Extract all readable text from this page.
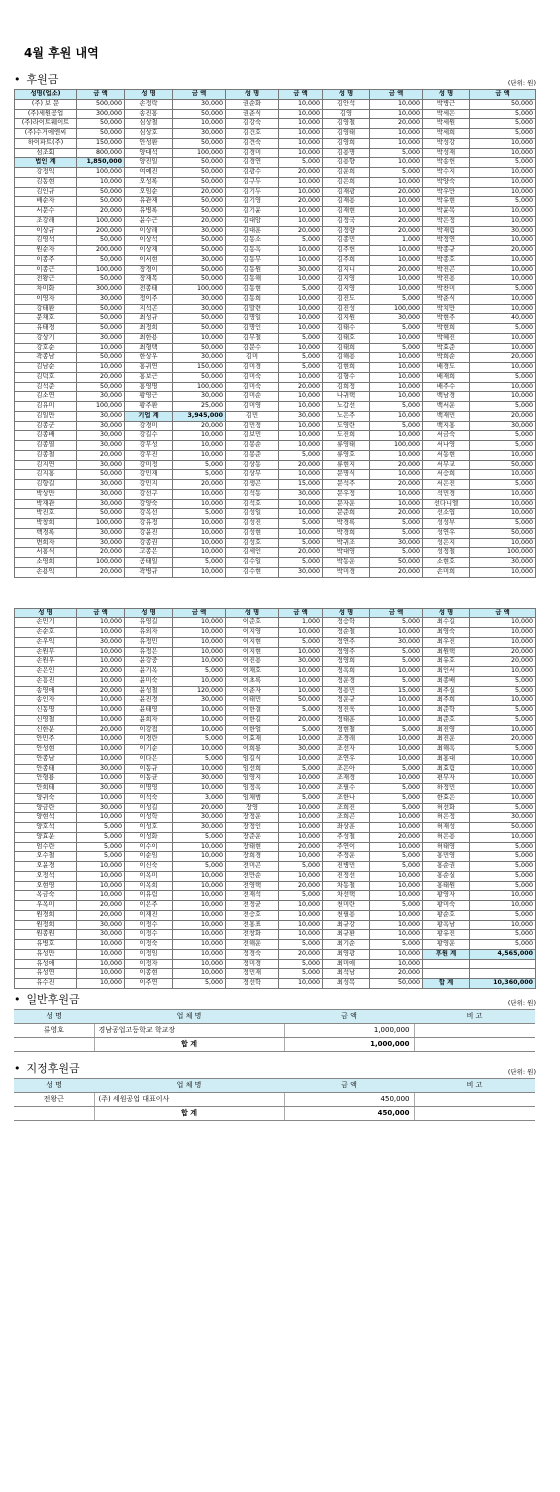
4월 후원 내역
• 후원금	(단위: 원)
성명(업소)	금 액	성 명	금 액	성 명	금 액	성 명	금 액	성 명	금 액
(주) 보 문	500,000	손정락	30,000	권순화	10,000	김안석	10,000	박병근	50,000
(주)세원공업	300,000	송진홍	50,000	권춘식	10,000	김영	10,000	박세은	5,000
(주)라이트웨이트	50,000	심상철	10,000	김강숙	10,000	김영철	20,000	박세원	5,000
(주)수거에엔씨	50,000	심상호	30,000	김건호	10,000	김영태	10,000	박세희	5,000
하이파트(주)	150,000	안성환	50,000	김견숙	10,000	김영희	10,000	박성강	10,000
섬조회	800,000	양대석	100,000	김경미	10,000	김용명	5,000	박성재	10,000
법인 계	1,850,000	양진일	50,000	김경연	5,000	김용향	10,000	박송헌	5,000
강정익	100,000	여예진	50,000	김광수	20,000	김운희	5,000	박수지	10,000
김동현	10,000	오성록	50,000	김구두	10,000	김은희	10,000	박양숙	10,000
김인규	50,000	오임순	20,000	김기두	10,000	김재광	20,000	박우만	10,000
배순자	50,000	유관재	50,000	김기영	20,000	김재용	10,000	박유현	5,000
서문수	20,000	유병록	50,000	김기윤	10,000	김재현	10,000	박윤복	10,000
조강래	100,000	윤수근	20,000	김대암	10,000	김정국	20,000	박은정	10,000
이상규	200,000	이상래	30,000	김대훈	20,000	김정량	20,000	박재림	30,000
김영석	50,000	이상석	50,000	김동소	5,000	김종민	1,000	박정연	10,000
원순자	200,000	이상재	50,000	김동옥	10,000	김주헌	10,000	박종규	20,000
이종주	50,000	이서현	30,000	김동무	10,000	김주희	10,000	박종호	10,000
이종근	100,000	장경이	50,000	김동원	30,000	김지니	20,000	박진곤	10,000
전왕근	50,000	장재복	50,000	김동해	10,000	김지영	10,000	박진용	10,000
차미화	300,000	전종태	100,000	김동현	5,000	김지영	10,000	박찬미	5,000
이영자	30,000	정이주	30,000	김동희	10,000	김진도	5,000	박춘식	10,000
강태환	50,000	지석곤	30,000	김말련	10,000	김진성	100,000	박치만	10,000
문채호	50,000	최성규	50,000	김명일	10,000	김지원	30,000	박현주	40,000
유태경	50,000	최정희	50,000	김명인	10,000	김태수	5,000	박현희	5,000
강상기	30,000	최한용	10,000	김무철	5,000	김태호	10,000	박혜진	10,000
강호순	10,000	최형택	50,000	김문수	10,000	김태희	5,000	박효준	10,000
곽종남	50,000	한상우	30,000	김미	5,000	김해용	10,000	박희순	20,000
김남순	10,000	홍귀연	150,000	김미경	5,000	김현희	10,000	배경도	10,000
김덕호	20,000	홍보근	50,000	김미숙	10,000	김형수	10,000	배재희	5,000
김석준	50,000	홍영명	100,000	김미숙	20,000	김희정	10,000	배주수	10,000
김소연	30,000	황영근	30,000	김미순	10,000	나귀택	10,000	백남경	10,000
김유미	100,000	황주환	25,000	김미영	10,000	노갑선	5,000	백서운	5,000
김일만	30,000	기업 계	3,945,000	김민	30,000	노은주	10,000	백재민	20,000
김종군	30,000	강경미	20,000	김민정	10,000	도영란	5,000	백지홍	30,000
김종배	30,000	강길수	10,000	김보민	10,000	도진희	10,000	서금숙	5,000
김종열	30,000	강무성	10,000	김봉순	10,000	류영태	100,000	서나영	5,000
김종철	20,000	강무진	10,000	김봉준	5,000	류영호	10,000	서동현	10,000
김지연	30,000	강미정	5,000	김상동	20,000	류현지	20,000	서무교	50,000
김지홍	50,000	강민재	5,000	김상무	10,000	문명식	10,000	서승희	10,000
김향길	30,000	강민지	20,000	김생곤	15,000	문석주	20,000	서은진	5,000
박상만	30,000	강선구	10,000	김석동	30,000	문우정	10,000	석민경	10,000
박재관	30,000	강양숙	10,000	김석호	10,000	문자운	10,000	선다니엘	10,000
박진호	50,000	강옥선	5,000	김성일	10,000	문준희	20,000	선소엽	10,000
박창희	100,000	강유정	10,000	김성진	5,000	박경록	5,000	성성부	5,000
백경록	30,000	강윤진	10,000	김성현	10,000	박경희	5,000	성연우	50,000
변희자	30,000	강종권	10,000	김성호	5,000	박귀조	30,000	성은지	10,000
서홍식	20,000	고종은	10,000	김세인	20,000	박대영	5,000	성정철	100,000
소영희	100,000	공태일	5,000	김수일	5,000	박동운	50,000	소현호	30,000
손용익	20,000	곽병규	10,000	김수현	30,000	박미경	20,000	손미희	10,000
성 명	금 액	성 명	금 액	성 명	금 액	성 명	금 액	성 명	금 액
손민기	10,000	유영길	10,000	이준호	1,000	정승학	5,000	최수길	10,000
손순호	10,000	유외자	10,000	이지영	10,000	정순철	10,000	최영숙	10,000
손우익	30,000	유정민	10,000	이지현	5,000	정연주	30,000	최우진	10,000
손원무	10,000	유정은	10,000	이지현	10,000	정영주	5,000	최원택	20,000
손원우	10,000	윤강중	10,000	이진용	30,000	정영희	5,000	최유호	20,000
손은인	20,000	윤기옥	5,000	이채호	10,000	정옥희	10,000	최인서	10,000
손흥진	10,000	윤미숙	10,000	이초록	10,000	정운경	5,000	최종배	5,000
송영애	20,000	윤성철	120,000	이춘자	10,000	정용민	15,000	최주실	5,000
송인자	10,000	윤진경	30,000	이태민	50,000	정운규	10,000	최주희	10,000
신동명	10,000	윤태영	10,000	이한결	5,000	정진욱	10,000	최준학	5,000
신영철	10,000	윤희자	10,000	이한길	20,000	정태훈	10,000	최준호	5,000
신한운	20,000	이강접	10,000	이한얼	5,000	정현철	5,000	최진영	10,000
안민주	10,000	이경란	5,000	이효재	10,000	조경래	10,000	최진운	20,000
안성현	10,000	이기순	10,000	이희룡	30,000	조선자	10,000	최해옥	5,000
안종남	10,000	이다은	5,000	임길식	10,000	조연우	10,000	최홍대	10,000
안종태	30,000	이동규	10,000	임선희	5,000	조은아	5,000	최효림	10,000
안형룡	10,000	이동균	30,000	임영지	10,000	조재경	10,000	편무자	10,000
안희태	30,000	이명영	10,000	임정옥	10,000	조필수	5,000	하정민	10,000
양귀숙	10,000	이석숙	3,000	임채범	5,000	조한나	5,000	한효은	10,000
양금란	30,000	이성길	20,000	장영	10,000	조희진	5,000	허선화	5,000
양현석	10,000	이성학	30,000	장정운	10,000	조희곤	10,000	허은정	30,000
양호석	5,000	이성호	30,000	장정인	10,000	좌상훈	10,000	허재성	50,000
양효운	5,000	이성화	5,000	장준운	10,000	주성철	20,000	허은용	10,000
엄수란	5,000	이수이	10,000	장태현	20,000	주연이	10,000	허태영	5,000
오수철	5,000	이순임	10,000	장희경	10,000	주정운	5,000	홍민영	5,000
오윤경	10,000	이신숙	5,000	전미곤	5,000	진병민	5,000	홍순권	5,000
오정석	10,000	이옥미	10,000	전만순	10,000	진정선	10,000	홍순실	5,000
오현영	10,000	이옥희	10,000	전영택	20,000	차동철	10,000	홍태원	5,000
옥금숙	10,000	이유림	10,000	전재석	5,000	차선택	10,000	황영자	10,000
우옥미	20,000	이은주	10,000	전정균	10,000	천미란	5,000	황미숙	10,000
원경희	20,000	이재진	10,000	전승호	10,000	천필용	10,000	황순호	5,000
원정희	30,000	이정수	10,000	전홍표	10,000	최규강	10,000	황옥남	10,000
원종원	30,000	이정수	10,000	전창화	10,000	최규환	10,000	황유진	5,000
유병호	10,000	이정숙	10,000	전해운	5,000	최기순	5,000	황영운	5,000
유성만	10,000	이정임	10,000	정경숙	20,000	최영광	10,000	후원 계	4,565,000
유성애	10,000	이정자	10,000	정미경	5,000	최미애	10,000		
유성연	10,000	이종현	10,000	정민재	5,000	최석남	20,000		
유수진	10,000	이주연	5,000	정선학	10,000	최성복	50,000	합 계	10,360,000
• 일반후원금	(단위: 원)
성 명	업 체 명	금 액	비 고
류영호	경남공업고등학교 학교장	1,000,000	
	합 계	1,000,000	
• 지정후원금	(단위: 원)
성 명	업 체 명	금 액	비 고
전왕근	(주) 세원공업 대표이사	450,000	
	합 계	450,000	
